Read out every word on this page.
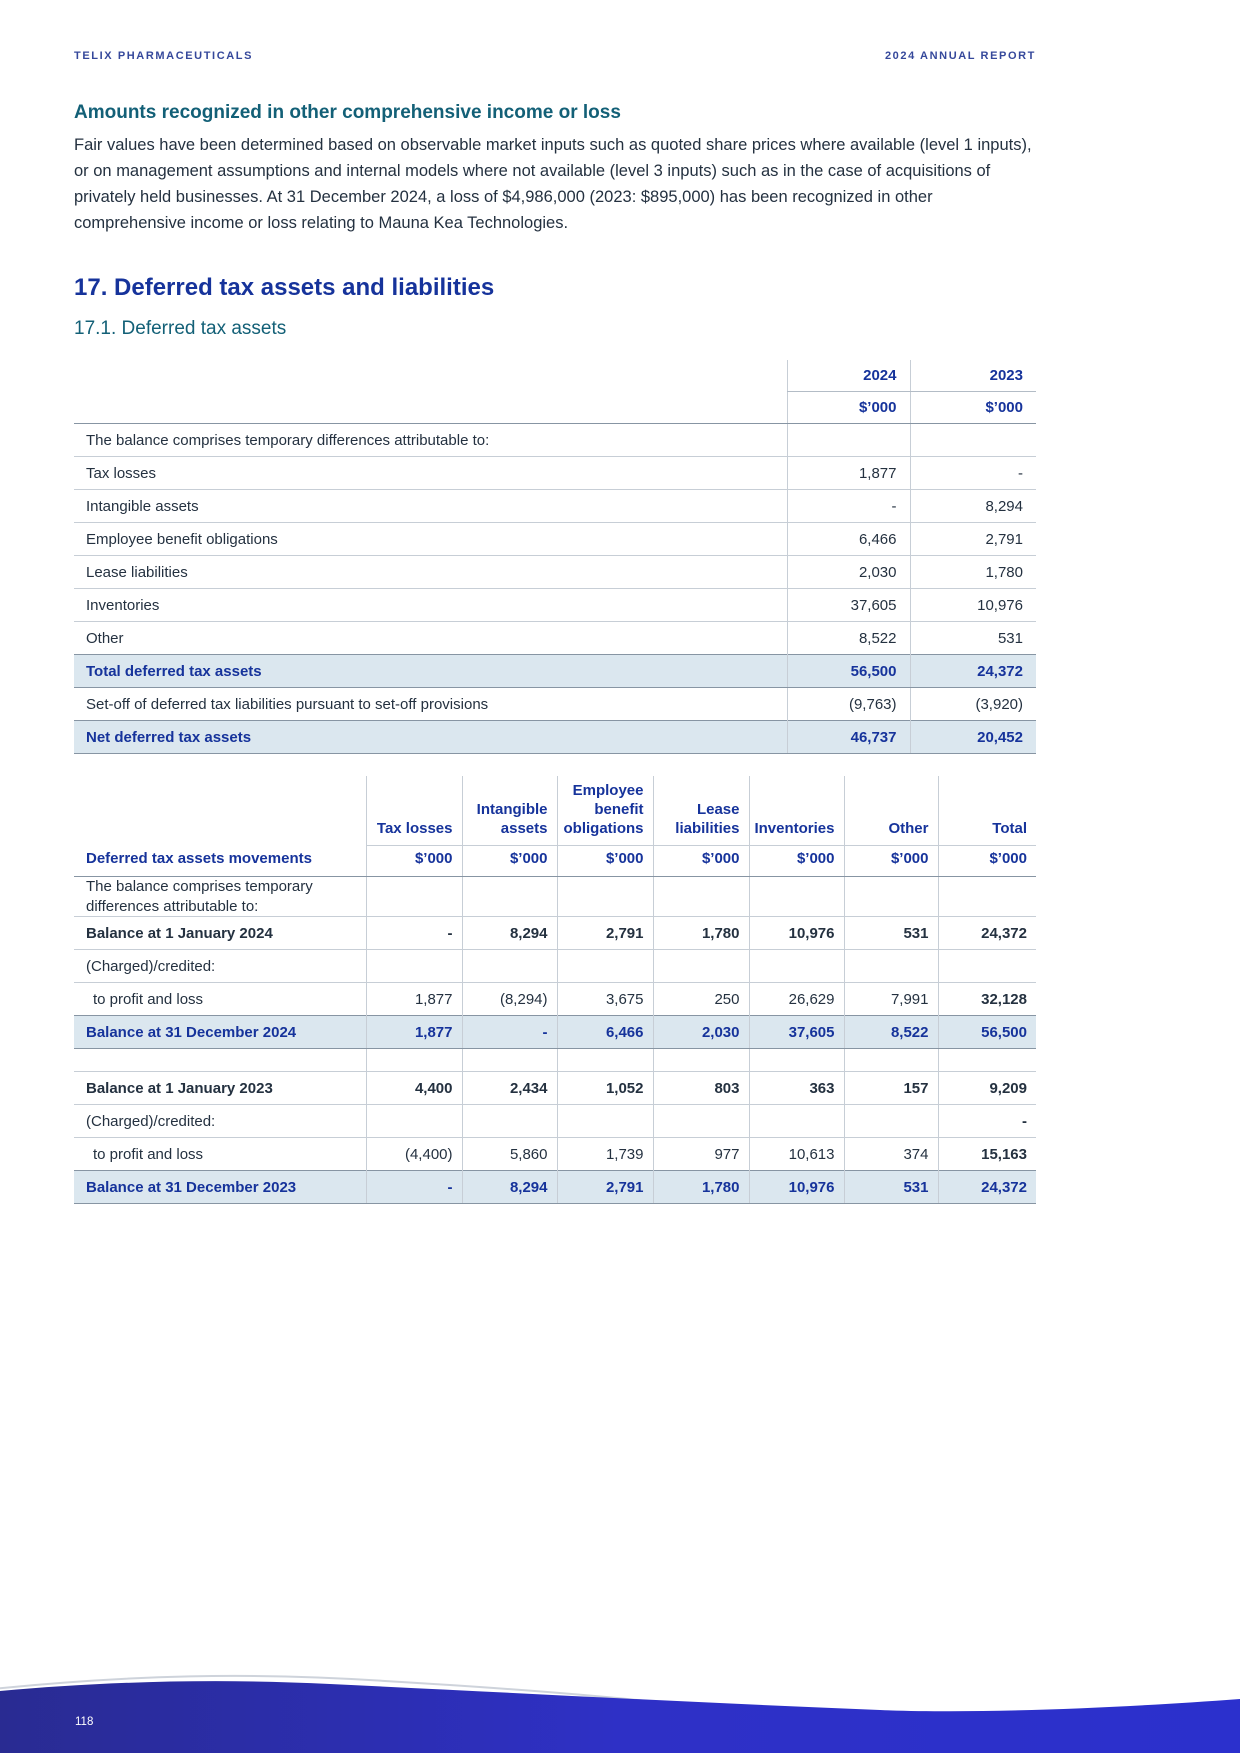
TELIX PHARMACEUTICALS	2024 ANNUAL REPORT
Amounts recognized in other comprehensive income or loss
Fair values have been determined based on observable market inputs such as quoted share prices where available (level 1 inputs), or on management assumptions and internal models where not available (level 3 inputs) such as in the case of acquisitions of privately held businesses. At 31 December 2024, a loss of $4,986,000 (2023: $895,000) has been recognized in other comprehensive income or loss relating to Mauna Kea Technologies.
17. Deferred tax assets and liabilities
17.1. Deferred tax assets
	2024	2023
	$’000	$’000
The balance comprises temporary differences attributable to:		
Tax losses	1,877	-
Intangible assets	-	8,294
Employee benefit obligations	6,466	2,791
Lease liabilities	2,030	1,780
Inventories	37,605	10,976
Other	8,522	531
Total deferred tax assets	56,500	24,372
Set-off of deferred tax liabilities pursuant to set-off provisions	(9,763)	(3,920)
Net deferred tax assets	46,737	20,452
	Tax losses	Intangible assets	Employee benefit obligations	Lease liabilities	Inventories	Other	Total
Deferred tax assets movements	$’000	$’000	$’000	$’000	$’000	$’000	$’000
The balance comprises temporary differences attributable to:							
Balance at 1 January 2024	-	8,294	2,791	1,780	10,976	531	24,372
(Charged)/credited:							
to profit and loss	1,877	(8,294)	3,675	250	26,629	7,991	32,128
Balance at 31 December 2024	1,877	-	6,466	2,030	37,605	8,522	56,500

Balance at 1 January 2023	4,400	2,434	1,052	803	363	157	9,209
(Charged)/credited:							-
to profit and loss	(4,400)	5,860	1,739	977	10,613	374	15,163
Balance at 31 December 2023	-	8,294	2,791	1,780	10,976	531	24,372
118
